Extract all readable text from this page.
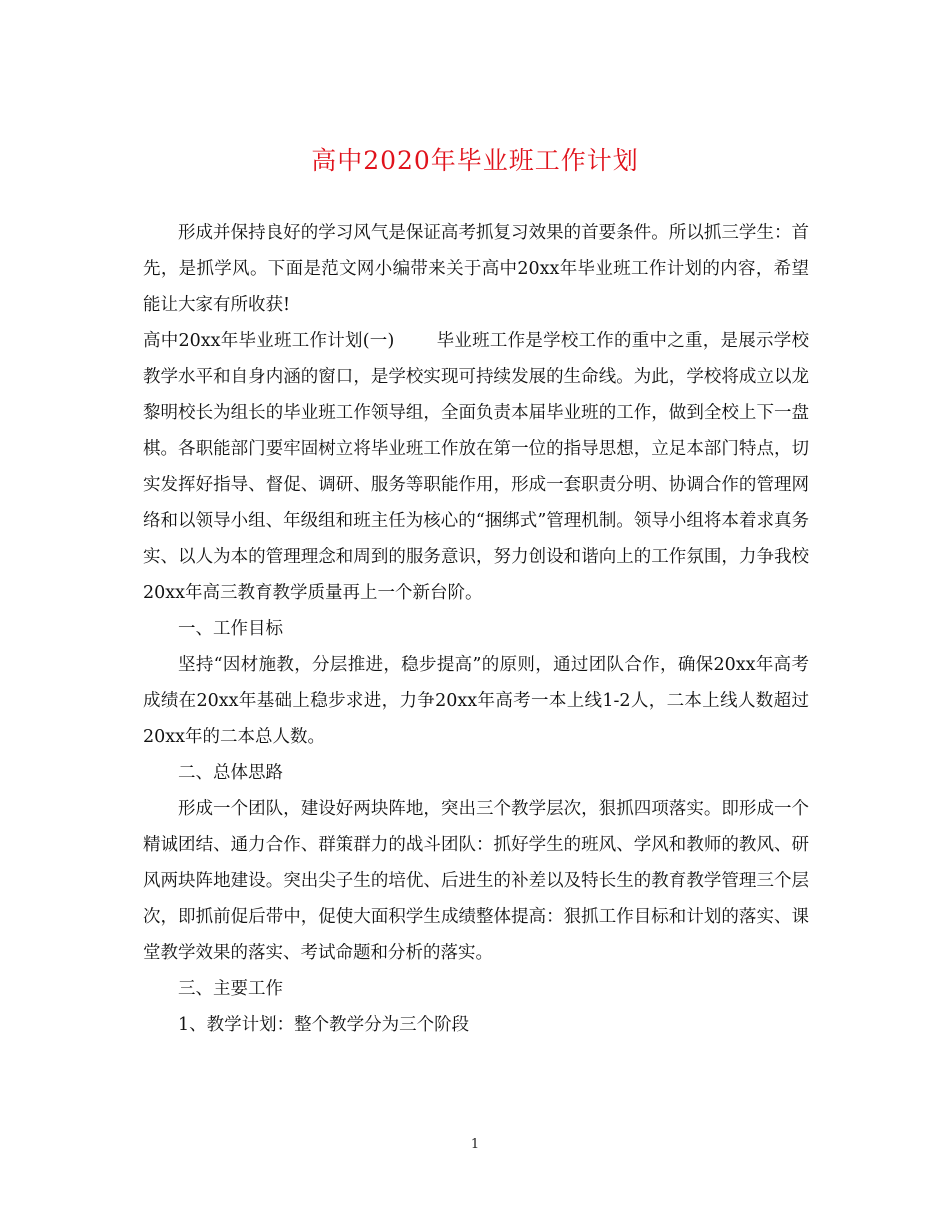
高中2020年毕业班工作计划

形成并保持良好的学习风气是保证高考抓复习效果的首要条件。所以抓三学生：首先，是抓学风。下面是范文网小编带来关于高中20xx年毕业班工作计划的内容，希望能让大家有所收获!

高中20xx年毕业班工作计划(一) 毕业班工作是学校工作的重中之重，是展示学校教学水平和自身内涵的窗口，是学校实现可持续发展的生命线。为此，学校将成立以龙黎明校长为组长的毕业班工作领导组，全面负责本届毕业班的工作，做到全校上下一盘棋。各职能部门要牢固树立将毕业班工作放在第一位的指导思想，立足本部门特点，切实发挥好指导、督促、调研、服务等职能作用，形成一套职责分明、协调合作的管理网络和以领导小组、年级组和班主任为核心的“捆绑式”管理机制。领导小组将本着求真务实、以人为本的管理理念和周到的服务意识，努力创设和谐向上的工作氛围，力争我校20xx年高三教育教学质量再上一个新台阶。

一、工作目标

坚持“因材施教，分层推进，稳步提高”的原则，通过团队合作，确保20xx年高考成绩在20xx年基础上稳步求进，力争20xx年高考一本上线1-2人，二本上线人数超过20xx年的二本总人数。

二、总体思路

形成一个团队，建设好两块阵地，突出三个教学层次，狠抓四项落实。即形成一个精诚团结、通力合作、群策群力的战斗团队：抓好学生的班风、学风和教师的教风、研风两块阵地建设。突出尖子生的培优、后进生的补差以及特长生的教育教学管理三个层次，即抓前促后带中，促使大面积学生成绩整体提高：狠抓工作目标和计划的落实、课堂教学效果的落实、考试命题和分析的落实。

三、主要工作

1、教学计划：整个教学分为三个阶段

1
